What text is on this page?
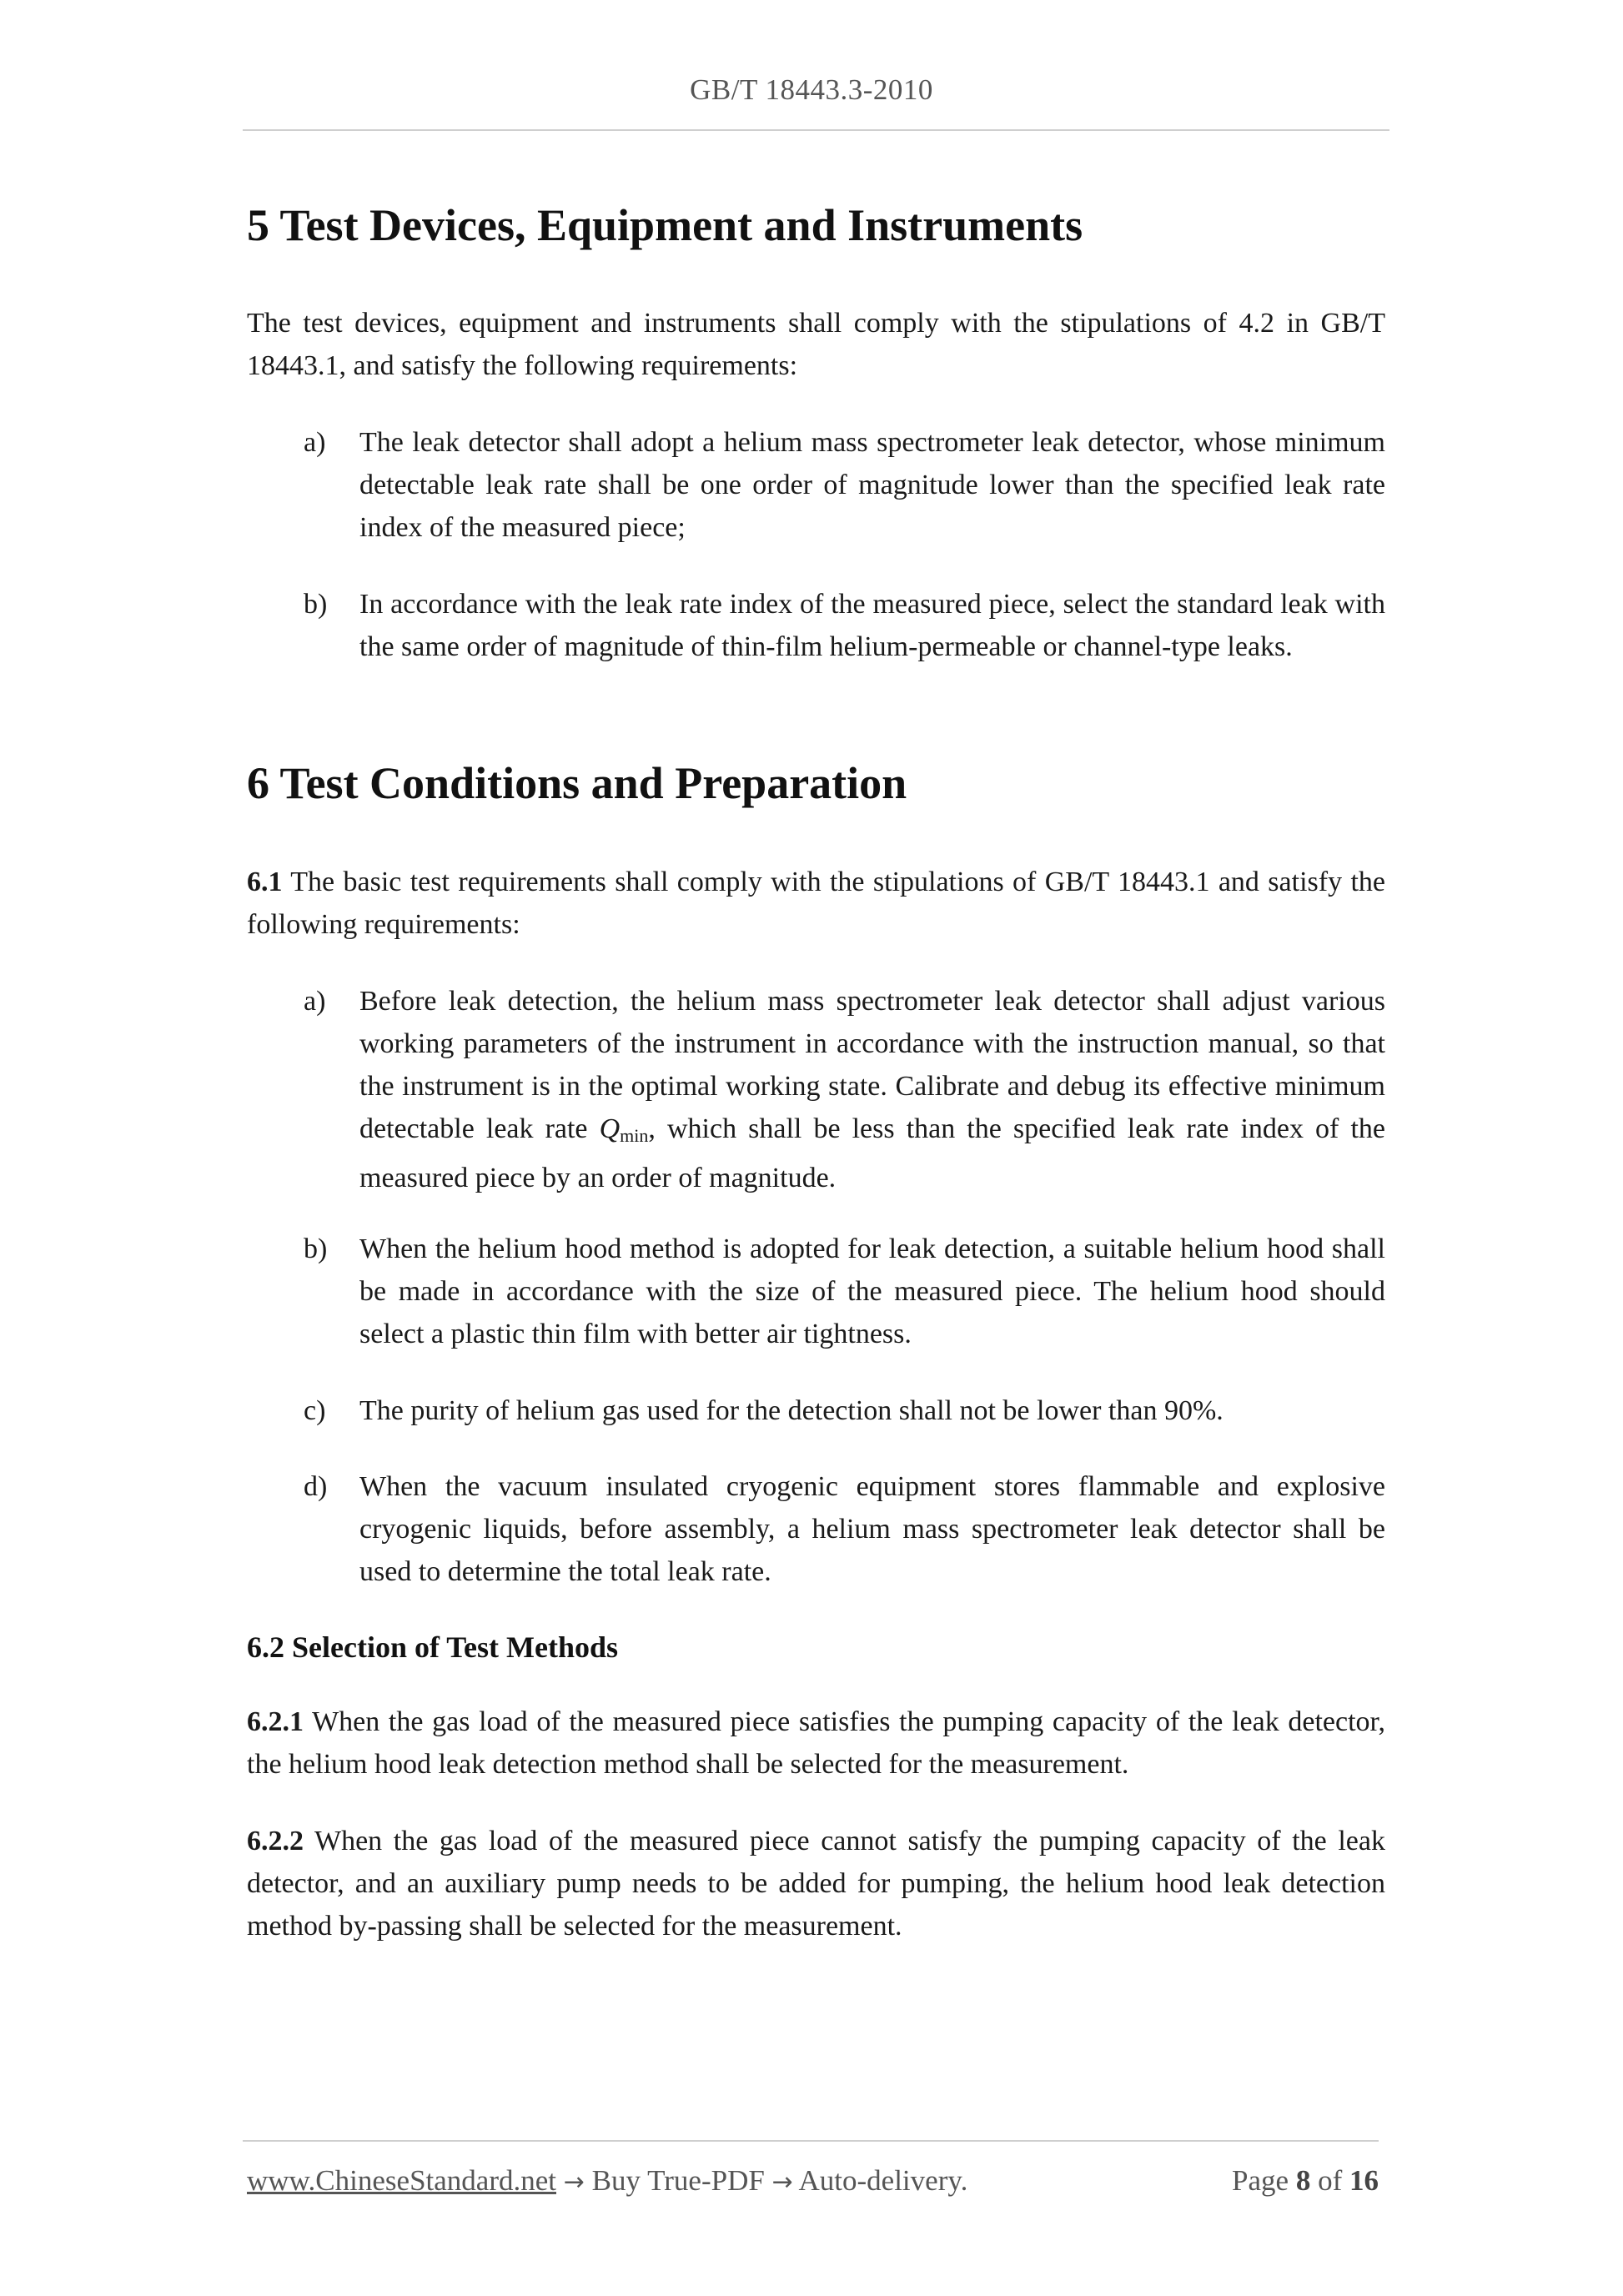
GB/T 18443.3-2010
5 Test Devices, Equipment and Instruments

The test devices, equipment and instruments shall comply with the stipulations of 4.2 in GB/T 18443.1, and satisfy the following requirements:

a) The leak detector shall adopt a helium mass spectrometer leak detector, whose minimum detectable leak rate shall be one order of magnitude lower than the specified leak rate index of the measured piece;
b) In accordance with the leak rate index of the measured piece, select the standard leak with the same order of magnitude of thin-film helium-permeable or channel-type leaks.
6 Test Conditions and Preparation

6.1 The basic test requirements shall comply with the stipulations of GB/T 18443.1 and satisfy the following requirements:

a) Before leak detection, the helium mass spectrometer leak detector shall adjust various working parameters of the instrument in accordance with the instruction manual, so that the instrument is in the optimal working state. Calibrate and debug its effective minimum detectable leak rate $Q_{min}$, which shall be less than the specified leak rate index of the measured piece by an order of magnitude.
b) When the helium hood method is adopted for leak detection, a suitable helium hood shall be made in accordance with the size of the measured piece. The helium hood should select a plastic thin film with better air tightness.
c) The purity of helium gas used for the detection shall not be lower than 90%.
d) When the vacuum insulated cryogenic equipment stores flammable and explosive cryogenic liquids, before assembly, a helium mass spectrometer leak detector shall be used to determine the total leak rate.
6.2 Selection of Test Methods

6.2.1 When the gas load of the measured piece satisfies the pumping capacity of the leak detector, the helium hood leak detection method shall be selected for the measurement.

6.2.2 When the gas load of the measured piece cannot satisfy the pumping capacity of the leak detector, and an auxiliary pump needs to be added for pumping, the helium hood leak detection method by-passing shall be selected for the measurement.

www.ChineseStandard.net → Buy True-PDF → Auto-delivery.	Page 8 of 16
